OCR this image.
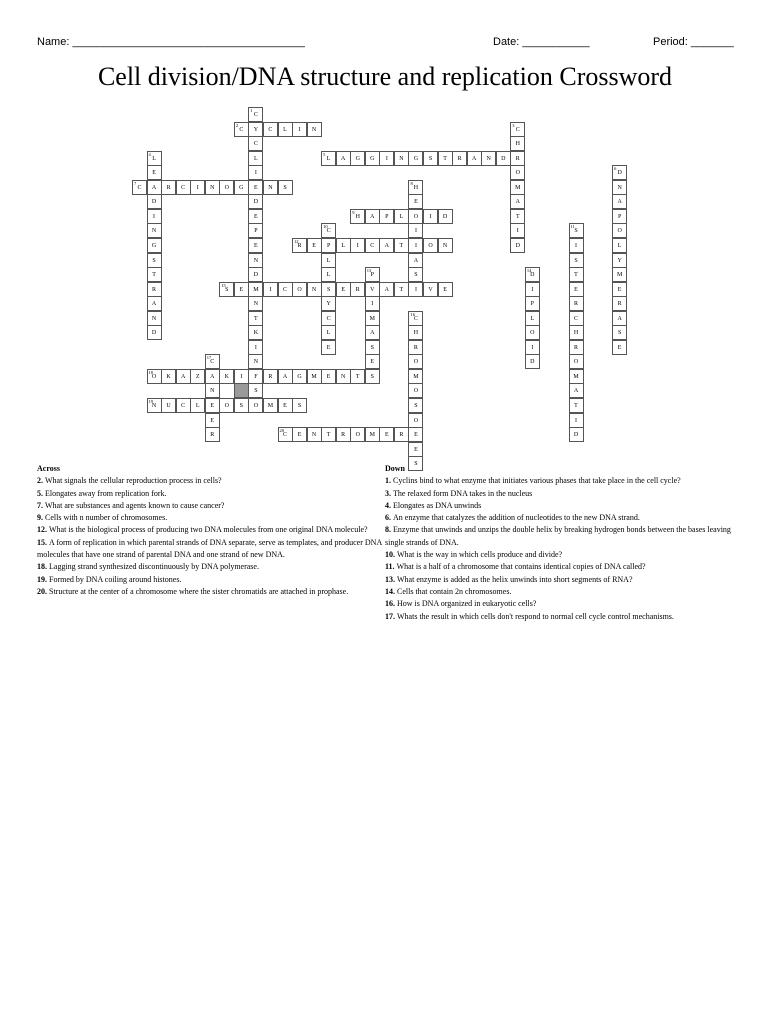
Name: ______________________________________	Date: ___________	Period: _______
Cell division/DNA structure and replication Crossword
C
1
Y
C
L
I
E
D
E
P
E
N
D
M
N
T
K
I
N
F
S
O
C
2
C	L	I	N	C
3
H
R
O
M
A
T
I
D
L
4
E
A
D
I
N
G
S
T
R
A
N
D
L
5
A	G	G	I	N	G	S	T	R	A	N	D
D
6
N
A
P
O
L
Y
M
E
R
A
S
E
C
7
R	C	I	N	O	G	N	S	H
8
E
O
I
I
A
S
I
H
9
A	P	L	I	D
C
10
P
L
L
S
Y
C
L
E
S
11
I
S
T
E
R
C
H
R
O
M
A
T
I
D
R
12
E	L	I	C	A	T	O	N
P
13
V
I
M
A
S
E
D
14
I
P
L
O
I
D
S
15
E	I	C	O	N	E	R	A	T	V	E
C
16
H
R
O
M
O
S
O
E
E
S
C
17
A
N
E
E
R
O
18
K	A	Z	K	I	R	A	G	M	E	N	T	S
N
19
U	C	L	O	S	M	E	S
C
20
E	N	T	R	O	M	E	R
Across
2. What signals the cellular reproduction process in cells?
5. Elongates away from replication fork.
7. What are substances and agents known to cause cancer?
9. Cells with n number of chromosomes.
12. What is the biological process of producing two DNA molecules from one original DNA molecule?
15. A form of replication in which parental strands of DNA separate, serve as templates, and producer DNA molecules that have one strand of parental DNA and one strand of new DNA.
18. Lagging strand synthesized discontinuously by DNA polymerase.
19. Formed by DNA coiling around histones.
20. Structure at the center of a chromosome where the sister chromatids are attached in prophase.
Down
1. Cyclins bind to what enzyme that initiates various phases that take place in the cell cycle?
3. The relaxed form DNA takes in the nucleus
4. Elongates as DNA unwinds
6. An enzyme that catalyzes the addition of nucleotides to the new DNA strand.
8. Enzyme that unwinds and unzips the double helix by breaking hydrogen bonds between the bases leaving single strands of DNA.
10. What is the way in which cells produce and divide?
11. What is a half of a chromosome that contains identical copies of DNA called?
13. What enzyme is added as the helix unwinds into short segments of RNA?
14. Cells that contain 2n chromosomes.
16. How is DNA organized in eukaryotic cells?
17. Whats the result in which cells don't respond to normal cell cycle control mechanisms.
